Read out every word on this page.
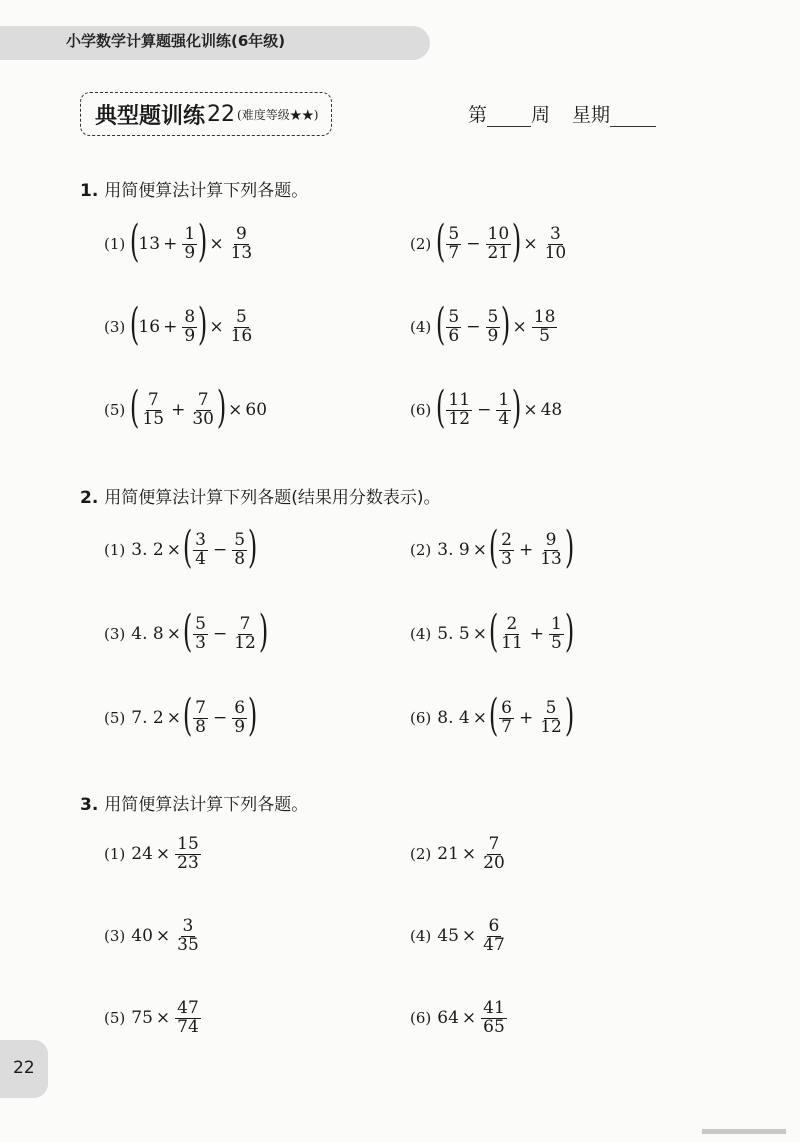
小学数学计算题强化训练(6年级)
典型题训练 22 (难度等级★★)	第 周 星期
1. 用简便算法计算下列各题。
(1) (
$13 + \frac{1}{9}$ ) × $\frac{9}{13}$	(2) ( $\frac{5}{7} - \frac{10}{21}$ ) × $\frac{3}{10}$
(3) (
$16 + \frac{8}{9}$ ) × $\frac{5}{16}$	(4) ( $\frac{5}{6} - \frac{5}{9}$ ) × $\frac{18}{5}$
(5) ( $\frac{7}{15} + \frac{7}{30}$ ) × 60	(6) ( $\frac{11}{12} - \frac{1}{4}$ ) × 48
2. 用简便算法计算下列各题(结果用分数表示)。
(1) 3. 2 × ( $\frac{3}{4} - \frac{5}{8}$ )	(2) 3. 9 × ( $\frac{2}{3} + \frac{9}{13}$ )
(3) 4. 8 × ( $\frac{5}{3} - \frac{7}{12}$ )	(4) 5. 5 × ( $\frac{2}{11} + \frac{1}{5}$ )
(5) 7. 2 × ( $\frac{7}{8} - \frac{6}{9}$ )	(6) 8. 4 × ( $\frac{6}{7} + \frac{5}{12}$ )
3. 用简便算法计算下列各题。
(1) $24 \times \frac{15}{23}$	(2) $21 \times \frac{7}{20}$
(3) $40 \times \frac{3}{35}$	(4) $45 \times \frac{6}{47}$
(5) $75 \times \frac{47}{74}$	(6) $64 \times \frac{41}{65}$
22
